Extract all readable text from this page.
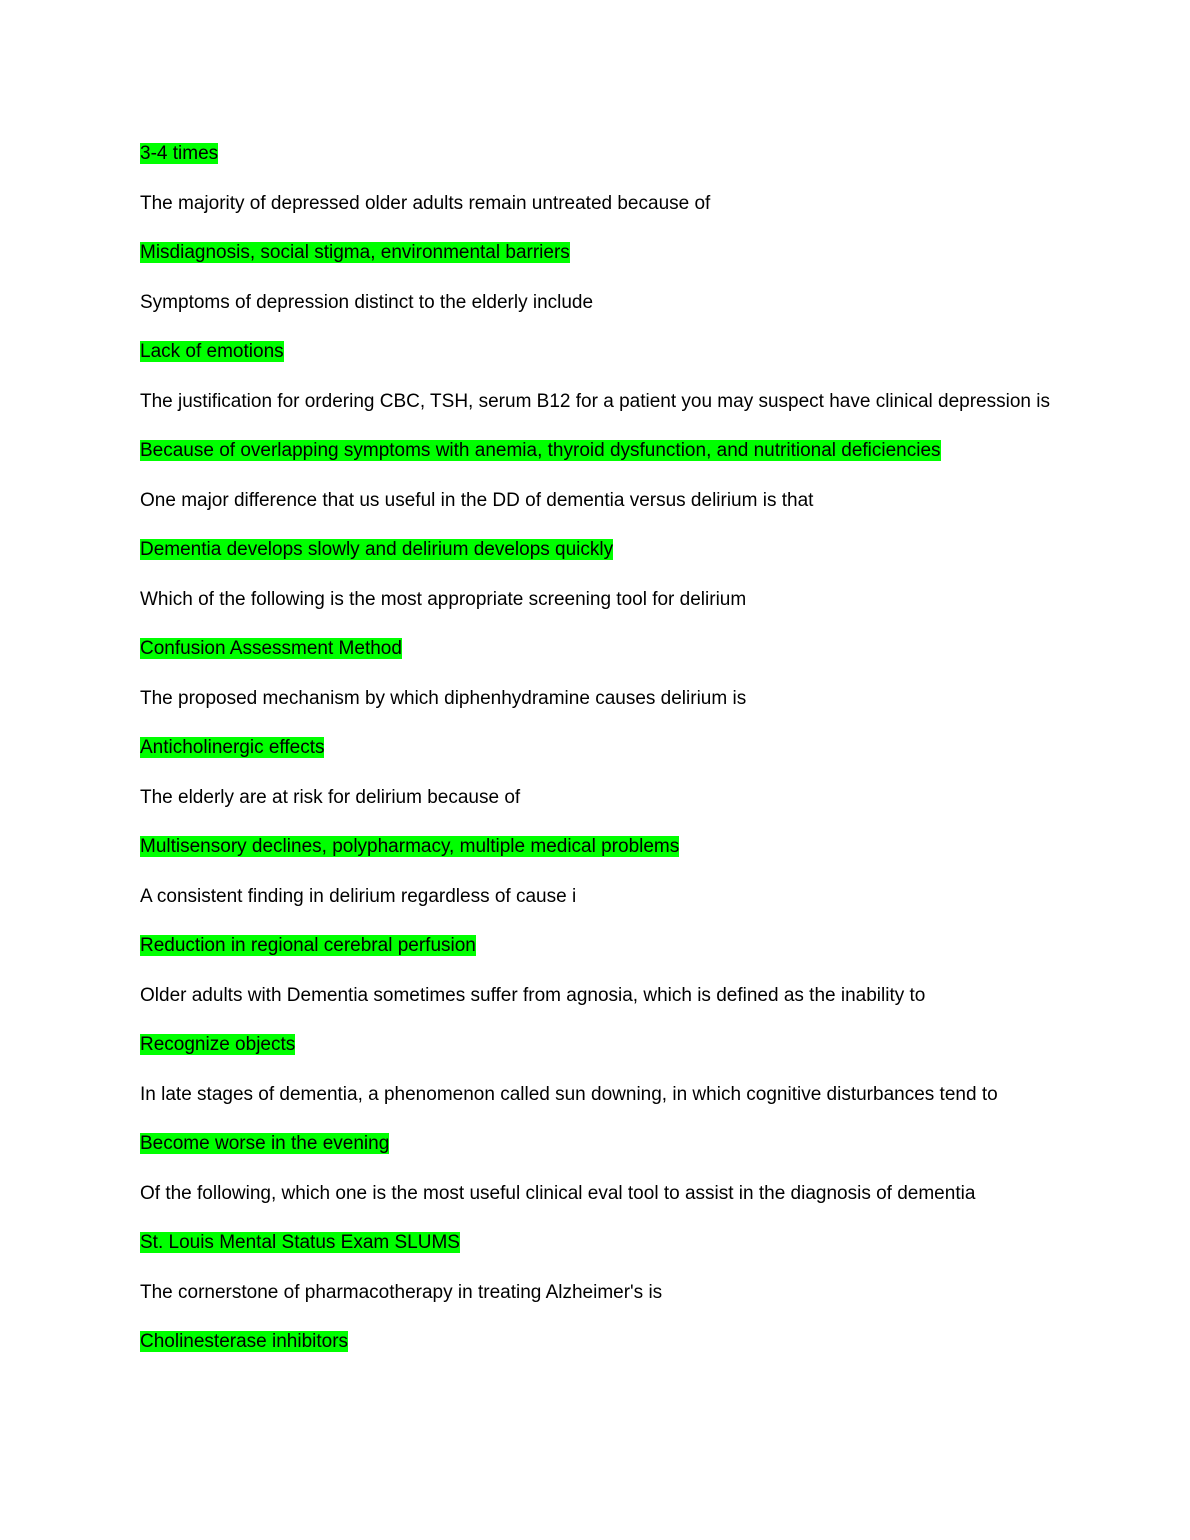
3-4 times

The majority of depressed older adults remain untreated because of

Misdiagnosis, social stigma, environmental barriers

Symptoms of depression distinct to the elderly include

Lack of emotions

The justification for ordering CBC, TSH, serum B12 for a patient you may suspect have clinical depression is

Because of overlapping symptoms with anemia, thyroid dysfunction, and nutritional deficiencies

One major difference that us useful in the DD of dementia versus delirium is that

Dementia develops slowly and delirium develops quickly

Which of the following is the most appropriate screening tool for delirium

Confusion Assessment Method

The proposed mechanism by which diphenhydramine causes delirium is

Anticholinergic effects

The elderly are at risk for delirium because of

Multisensory declines, polypharmacy, multiple medical problems

A consistent finding in delirium regardless of cause i

Reduction in regional cerebral perfusion

Older adults with Dementia sometimes suffer from agnosia, which is defined as the inability to

Recognize objects

In late stages of dementia, a phenomenon called sun downing, in which cognitive disturbances tend to

Become worse in the evening

Of the following, which one is the most useful clinical eval tool to assist in the diagnosis of dementia

St. Louis Mental Status Exam SLUMS

The cornerstone of pharmacotherapy in treating Alzheimer's is

Cholinesterase inhibitors
